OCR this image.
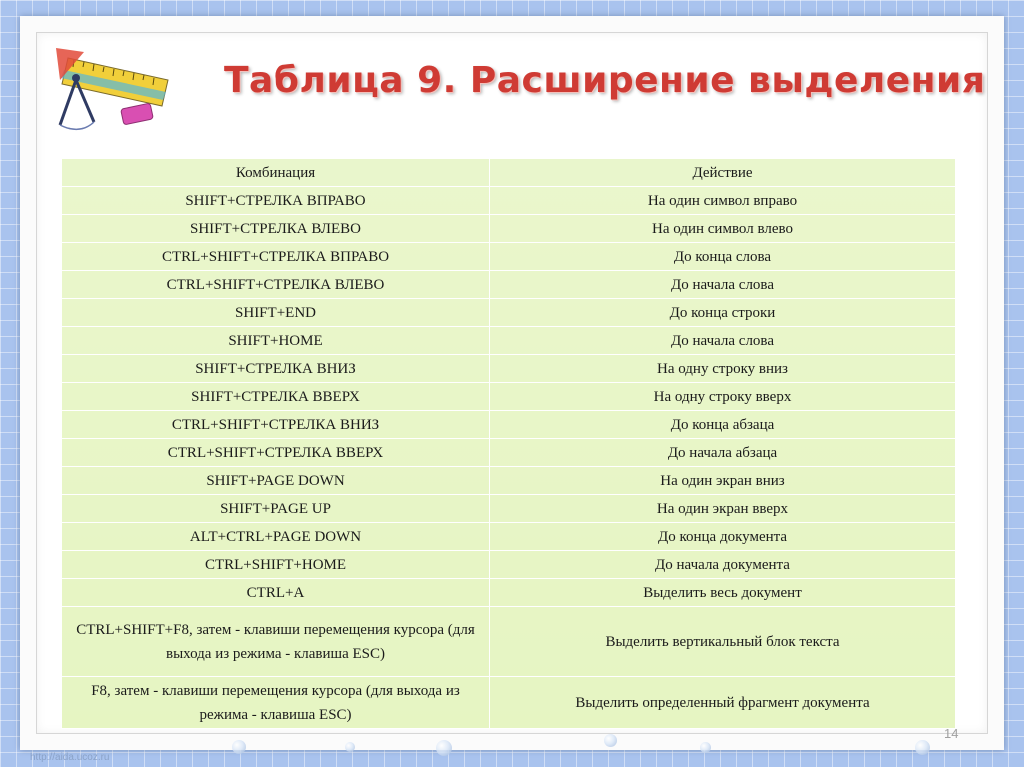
Таблица 9. Расширение выделения
Комбинация	Действие
SHIFT+СТРЕЛКА ВПРАВО	На один символ вправо
SHIFT+СТРЕЛКА ВЛЕВО	На один символ влево
CTRL+SHIFT+СТРЕЛКА ВПРАВО	До конца слова
CTRL+SHIFT+СТРЕЛКА ВЛЕВО	До начала слова
SHIFT+END	До конца строки
SHIFT+HOME	До начала слова
SHIFT+СТРЕЛКА ВНИЗ	На одну строку вниз
SHIFT+СТРЕЛКА ВВЕРХ	На одну строку вверх
CTRL+SHIFT+СТРЕЛКА ВНИЗ	До конца абзаца
CTRL+SHIFT+СТРЕЛКА ВВЕРХ	До начала абзаца
SHIFT+PAGE DOWN	На один экран вниз
SHIFT+PAGE UP	На один экран вверх
ALT+CTRL+PAGE DOWN	До конца документа
CTRL+SHIFT+HOME	До начала документа
CTRL+A	Выделить весь документ
CTRL+SHIFT+F8, затем - клавиши перемещения курсора (для выхода из режима - клавиша ESC)	Выделить вертикальный блок текста
F8, затем - клавиши перемещения курсора (для выхода из режима - клавиша ESC)	Выделить определенный фрагмент документа
14
http://aida.ucoz.ru
